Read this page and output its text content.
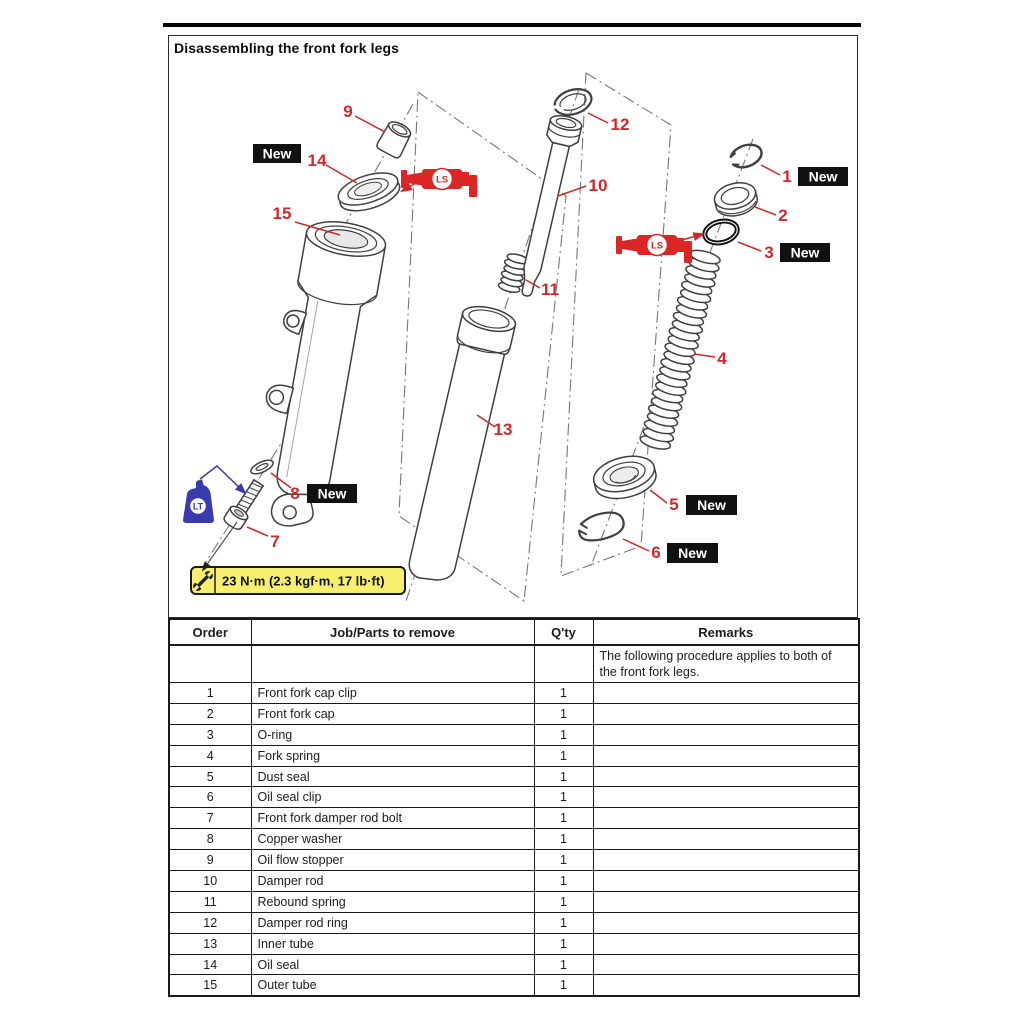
Disassembling the front fork legs
LT
23 N·m (2.3 kgf·m, 17 lb·ft)
LS
LS
9
14
15
8
7
12
10
11
13
1
2
3
4
5
6
New
New
New
New
New
New
Order	Job/Parts to remove	Q'ty	Remarks
			The following procedure applies to both of the front fork legs.
1	Front fork cap clip	1	
2	Front fork cap	1	
3	O-ring	1	
4	Fork spring	1	
5	Dust seal	1	
6	Oil seal clip	1	
7	Front fork damper rod bolt	1	
8	Copper washer	1	
9	Oil flow stopper	1	
10	Damper rod	1	
11	Rebound spring	1	
12	Damper rod ring	1	
13	Inner tube	1	
14	Oil seal	1	
15	Outer tube	1	
